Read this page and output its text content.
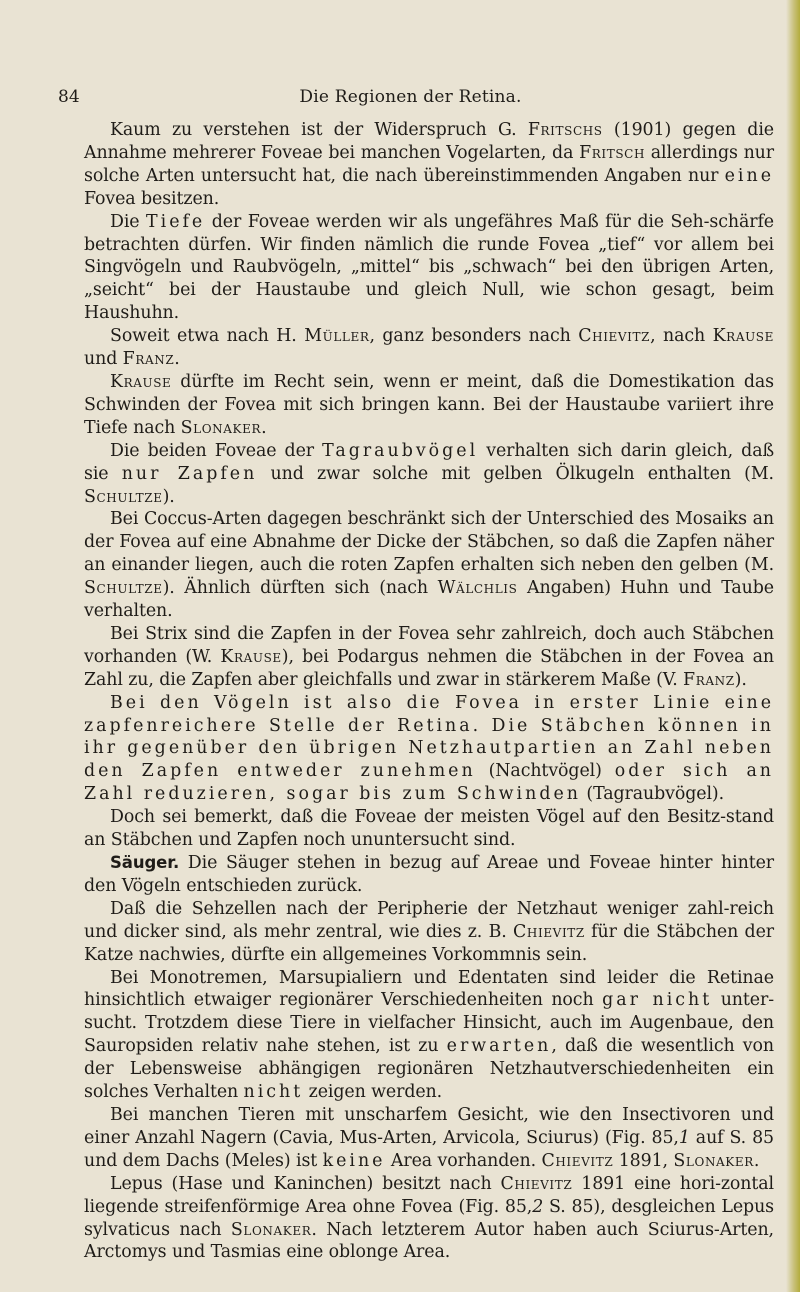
84	Die Regionen der Retina.

Kaum zu verstehen ist der Widerspruch G. Fritschs (1901) gegen die Annahme mehrerer Foveae bei manchen Vogelarten, da Fritsch allerdings nur solche Arten untersucht hat, die nach übereinstimmenden Angaben nur eine Fovea besitzen.

Die Tiefe der Foveae werden wir als ungefähres Maß für die Seh-schärfe betrachten dürfen. Wir finden nämlich die runde Fovea „tief“ vor allem bei Singvögeln und Raubvögeln, „mittel“ bis „schwach“ bei den übrigen Arten, „seicht“ bei der Haustaube und gleich Null, wie schon gesagt, beim Haushuhn.

Soweit etwa nach H. Müller, ganz besonders nach Chievitz, nach Krause und Franz.

Krause dürfte im Recht sein, wenn er meint, daß die Domestikation das Schwinden der Fovea mit sich bringen kann. Bei der Haustaube variiert ihre Tiefe nach Slonaker.

Die beiden Foveae der Tagraubvögel verhalten sich darin gleich, daß sie nur Zapfen und zwar solche mit gelben Ölkugeln enthalten (M. Schultze).

Bei Coccus-Arten dagegen beschränkt sich der Unterschied des Mosaiks an der Fovea auf eine Abnahme der Dicke der Stäbchen, so daß die Zapfen näher an einander liegen, auch die roten Zapfen erhalten sich neben den gelben (M. Schultze). Ähnlich dürften sich (nach Wälchlis Angaben) Huhn und Taube verhalten.

Bei Strix sind die Zapfen in der Fovea sehr zahlreich, doch auch Stäbchen vorhanden (W. Krause), bei Podargus nehmen die Stäbchen in der Fovea an Zahl zu, die Zapfen aber gleichfalls und zwar in stärkerem Maße (V. Franz).

Bei den Vögeln ist also die Fovea in erster Linie eine zapfenreichere Stelle der Retina. Die Stäbchen können in ihr gegenüber den übrigen Netzhautpartien an Zahl neben den Zapfen entweder zunehmen (Nachtvögel) oder sich an Zahl reduzieren, sogar bis zum Schwinden (Tagraubvögel).

Doch sei bemerkt, daß die Foveae der meisten Vögel auf den Besitz-stand an Stäbchen und Zapfen noch ununtersucht sind.

Säuger. Die Säuger stehen in bezug auf Areae und Foveae hinter hinter den Vögeln entschieden zurück.

Daß die Sehzellen nach der Peripherie der Netzhaut weniger zahl-reich und dicker sind, als mehr zentral, wie dies z. B. Chievitz für die Stäbchen der Katze nachwies, dürfte ein allgemeines Vorkommnis sein.

Bei Monotremen, Marsupialiern und Edentaten sind leider die Retinae hinsichtlich etwaiger regionärer Verschiedenheiten noch gar nicht unter-sucht. Trotzdem diese Tiere in vielfacher Hinsicht, auch im Augenbaue, den Sauropsiden relativ nahe stehen, ist zu erwarten, daß die wesentlich von der Lebensweise abhängigen regionären Netzhautverschiedenheiten ein solches Verhalten nicht zeigen werden.

Bei manchen Tieren mit unscharfem Gesicht, wie den Insectivoren und einer Anzahl Nagern (Cavia, Mus-Arten, Arvicola, Sciurus) (Fig. 85,1 auf S. 85 und dem Dachs (Meles) ist keine Area vorhanden. Chievitz 1891, Slonaker.

Lepus (Hase und Kaninchen) besitzt nach Chievitz 1891 eine hori-zontal liegende streifenförmige Area ohne Fovea (Fig. 85,2 S. 85), desgleichen Lepus sylvaticus nach Slonaker. Nach letzterem Autor haben auch Sciurus-Arten, Arctomys und Tasmias eine oblonge Area.
